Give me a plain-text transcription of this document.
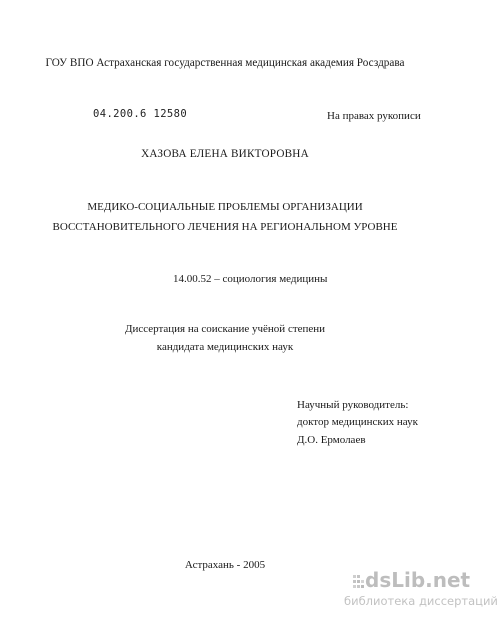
ГОУ ВПО Астраханская государственная медицинская академия Росздрава
04.200.6 12580	На правах рукописи
ХАЗОВА ЕЛЕНА ВИКТОРОВНА
МЕДИКО-СОЦИАЛЬНЫЕ ПРОБЛЕМЫ ОРГАНИЗАЦИИ
ВОССТАНОВИТЕЛЬНОГО ЛЕЧЕНИЯ НА РЕГИОНАЛЬНОМ УРОВНЕ
14.00.52 – социология медицины
Диссертация на соискание учёной степени
кандидата медицинских наук
Научный руководитель:
доктор медицинских наук
Д.О. Ермолаев
Астрахань - 2005
dsLib.net
библиотека диссертаций
